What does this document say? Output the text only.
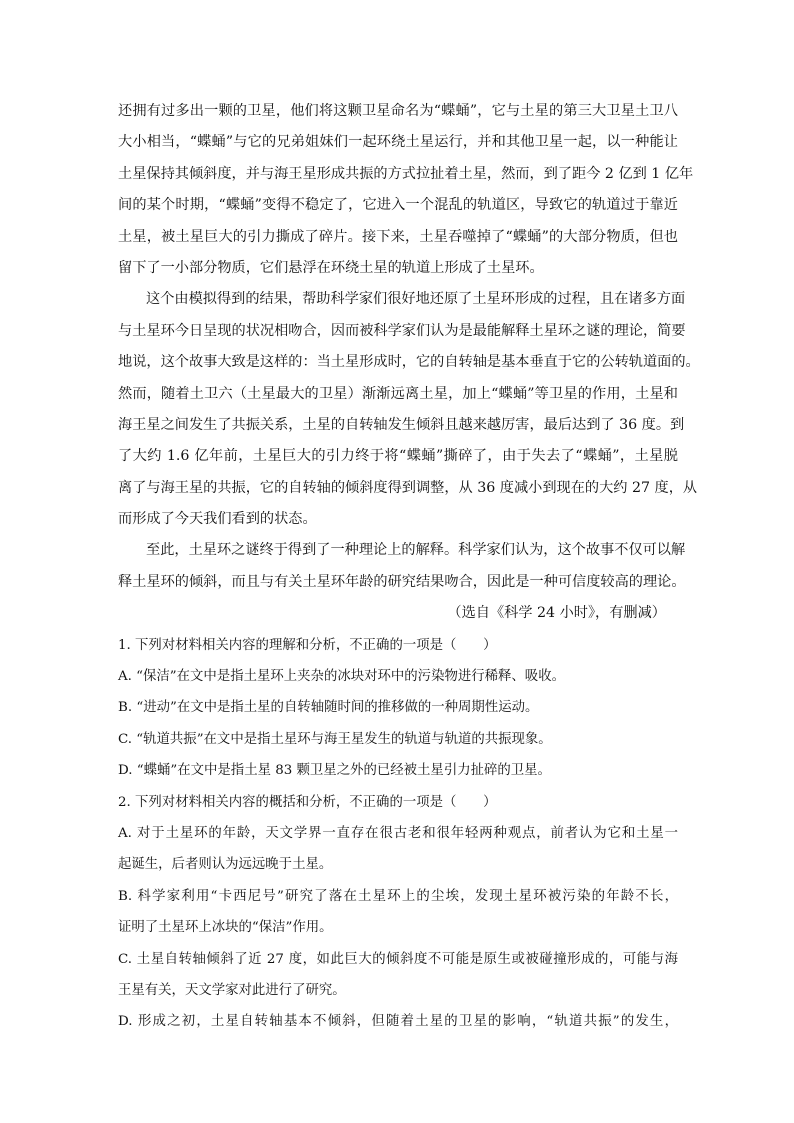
还拥有过多出一颗的卫星，他们将这颗卫星命名为“蝶蛹”，它与土星的第三大卫星土卫八
大小相当，“蝶蛹”与它的兄弟姐妹们一起环绕土星运行，并和其他卫星一起，以一种能让
土星保持其倾斜度，并与海王星形成共振的方式拉扯着土星，然而，到了距今 2 亿到 1 亿年
间的某个时期，“蝶蛹”变得不稳定了，它进入一个混乱的轨道区，导致它的轨道过于靠近
土星，被土星巨大的引力撕成了碎片。接下来，土星吞噬掉了“蝶蛹”的大部分物质，但也
留下了一小部分物质，它们悬浮在环绕土星的轨道上形成了土星环。
这个由模拟得到的结果，帮助科学家们很好地还原了土星环形成的过程，且在诸多方面
与土星环今日呈现的状况相吻合，因而被科学家们认为是最能解释土星环之谜的理论，简要
地说，这个故事大致是这样的：当土星形成时，它的自转轴是基本垂直于它的公转轨道面的。
然而，随着土卫六（土星最大的卫星）渐渐远离土星，加上“蝶蛹”等卫星的作用，土星和
海王星之间发生了共振关系，土星的自转轴发生倾斜且越来越厉害，最后达到了 36 度。到
了大约 1.6 亿年前，土星巨大的引力终于将“蝶蛹”撕碎了，由于失去了“蝶蛹”，土星脱
离了与海王星的共振，它的自转轴的倾斜度得到调整，从 36 度减小到现在的大约 27 度，从
而形成了今天我们看到的状态。
至此，土星环之谜终于得到了一种理论上的解释。科学家们认为，这个故事不仅可以解
释土星环的倾斜，而且与有关土星环年龄的研究结果吻合，因此是一种可信度较高的理论。
（选自《科学 24 小时》，有删减）
1. 下列对材料相关内容的理解和分析，不正确的一项是（　　）
A. “保洁”在文中是指土星环上夹杂的冰块对环中的污染物进行稀释、吸收。
B. “进动”在文中是指土星的自转轴随时间的推移做的一种周期性运动。
C. “轨道共振”在文中是指土星环与海王星发生的轨道与轨道的共振现象。
D. “蝶蛹”在文中是指土星 83 颗卫星之外的已经被土星引力扯碎的卫星。
2. 下列对材料相关内容的概括和分析，不正确的一项是（　　）
A. 对于土星环的年龄，天文学界一直存在很古老和很年轻两种观点，前者认为它和土星一
起诞生，后者则认为远远晚于土星。
B. 科学家利用“卡西尼号”研究了落在土星环上的尘埃，发现土星环被污染的年龄不长，
证明了土星环上冰块的“保洁”作用。
C. 土星自转轴倾斜了近 27 度，如此巨大的倾斜度不可能是原生或被碰撞形成的，可能与海
王星有关，天文学家对此进行了研究。
D. 形成之初，土星自转轴基本不倾斜，但随着土星的卫星的影响，“轨道共振”的发生，
